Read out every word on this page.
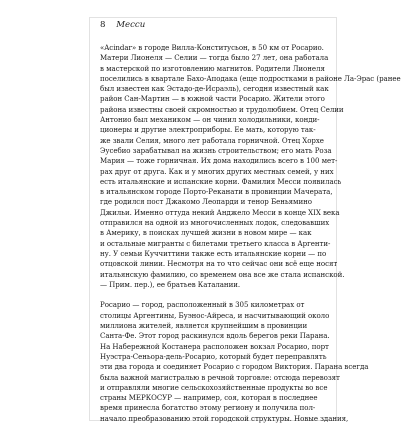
8 Месси
«Acindar» в городе Вилла-Конститусьон, в 50 км от Росарио.
Матери Лионеля — Селии — тогда было 27 лет, она работала
в мастерской по изготовлению магнитов. Родители Лионеля
поселились в квартале Бахо-Аподака (еще подростками в районе Ла-Эрас (ранее
был известен как Эстадо-де-Исраэль), сегодня известный как
район Сан-Мартин — в южной части Росарио. Жители этого
района известны своей скромностью и трудолюбием. Отец Селии
Антонио был механиком — он чинил холодильники, конди-
ционеры и другие электроприборы. Ее мать, которую так-
же звали Селия, много лет работала горничной. Отец Хорхе
Эусебио зарабатывал на жизнь строительством; его мать Роза
Мария — тоже горничная. Их дома находились всего в 100 мет-
рах друг от друга. Как и у многих других местных семей, у них
есть итальянские и испанские корни. Фамилия Месси появилась
в итальянском городе Порто-Реканати в провинции Мачерата,
где родился пост Джакомо Леопарди и тенор Беньямино
Джильи. Именно оттуда некий Анджело Месси в конце XIX века
отправился на одной из многочисленных лодок, следовавших
в Америку, в поисках лучшей жизни в новом мире — как
и остальные мигранты с билетами третьего класса в Аргенти-
ну. У семьи Куччиттини также есть итальянские корни — по
отцовской линии. Несмотря на то что сейчас они всё еще носят
итальянскую фамилию, со временем она все же стала испанской.
— Прим. пер.), ее братьев Каталании.

Росарио — город, расположенный в 305 километрах от
столицы Аргентины, Буэнос-Айреса, и насчитывающий около
миллиона жителей, является крупнейшим в провинции
Санта-Фе. Этот город раскинулся вдоль берегов реки Парана.
На Набережной Костанера расположен вокзал Росарио, порт
Нуэстра-Сеньора-дель-Росарио, который будет переправлять
эти два города и соединяет Росарио с городом Виктория. Парана всегда
была важной магистралью в речной торговле: отсюда перевозят
и отправляли многие сельскохозяйственные продукты во все
страны МЕРКОСУР — например, соя, которая в последнее
время принесла богатство этому региону и получила пол-
начало преобразованию этой городской структуры. Новые здания,
